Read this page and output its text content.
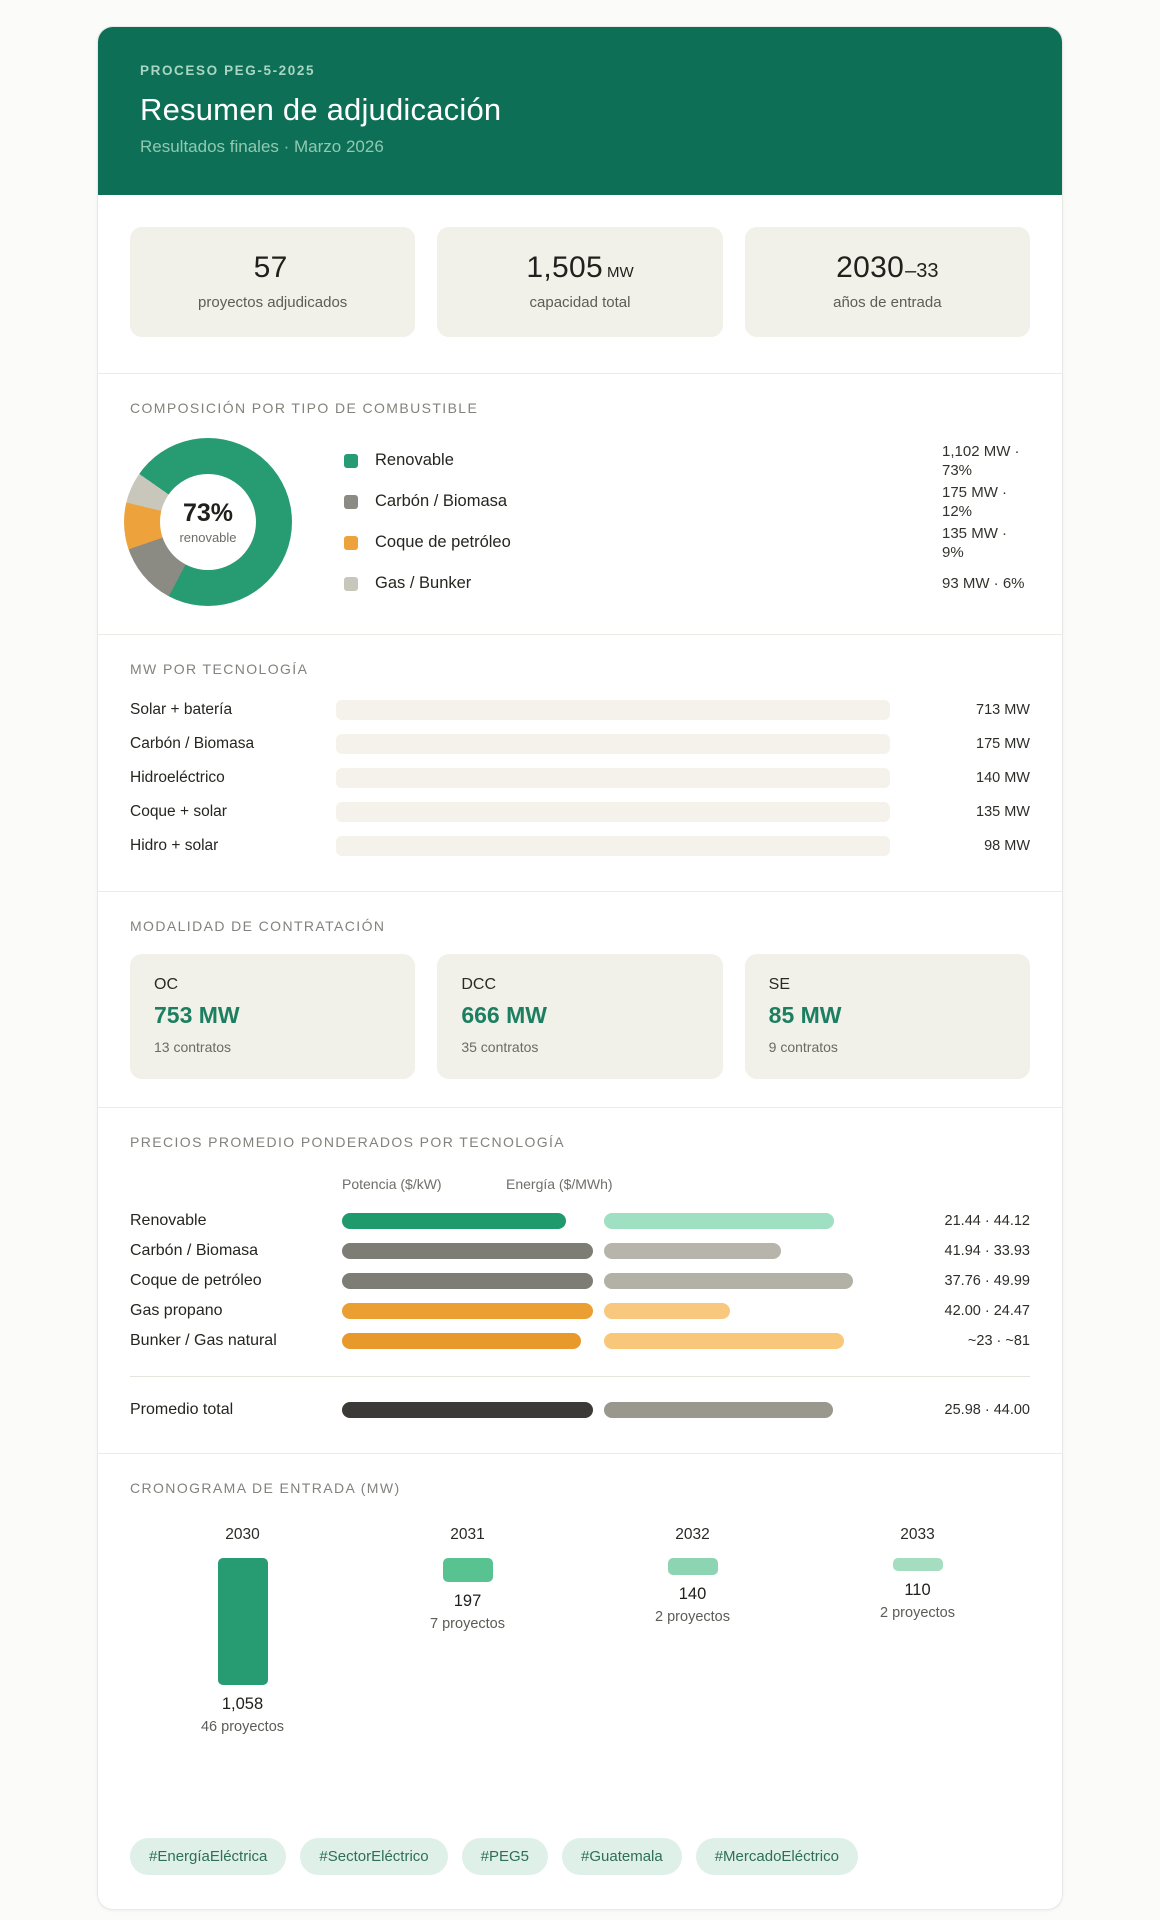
PROCESO PEG-5-2025
Resumen de adjudicación
Resultados finales · Marzo 2026
57
proyectos adjudicados
1,505 MW
capacidad total
2030–33
años de entrada
COMPOSICIÓN POR TIPO DE COMBUSTIBLE
73%
renovable
Renovable	1,102 MW · 73%
Carbón / Biomasa	175 MW · 12%
Coque de petróleo	135 MW · 9%
Gas / Bunker	93 MW · 6%
MW POR TECNOLOGÍA
Solar + batería	713 MW
Carbón / Biomasa	175 MW
Hidroeléctrico	140 MW
Coque + solar	135 MW
Hidro + solar	98 MW
MODALIDAD DE CONTRATACIÓN
OC
753 MW
13 contratos
DCC
666 MW
35 contratos
SE
85 MW
9 contratos
PRECIOS PROMEDIO PONDERADOS POR TECNOLOGÍA
Potencia ($/kW)	Energía ($/MWh)
Renovable	21.44 · 44.12
Carbón / Biomasa	41.94 · 33.93
Coque de petróleo	37.76 · 49.99
Gas propano	42.00 · 24.47
Bunker / Gas natural	~23 · ~81
Promedio total	25.98 · 44.00
CRONOGRAMA DE ENTRADA (MW)
2030
1,058
46 proyectos
2031
197
7 proyectos
2032
140
2 proyectos
2033
110
2 proyectos
#EnergíaEléctrica	#SectorEléctrico	#PEG5	#Guatemala	#MercadoEléctrico
